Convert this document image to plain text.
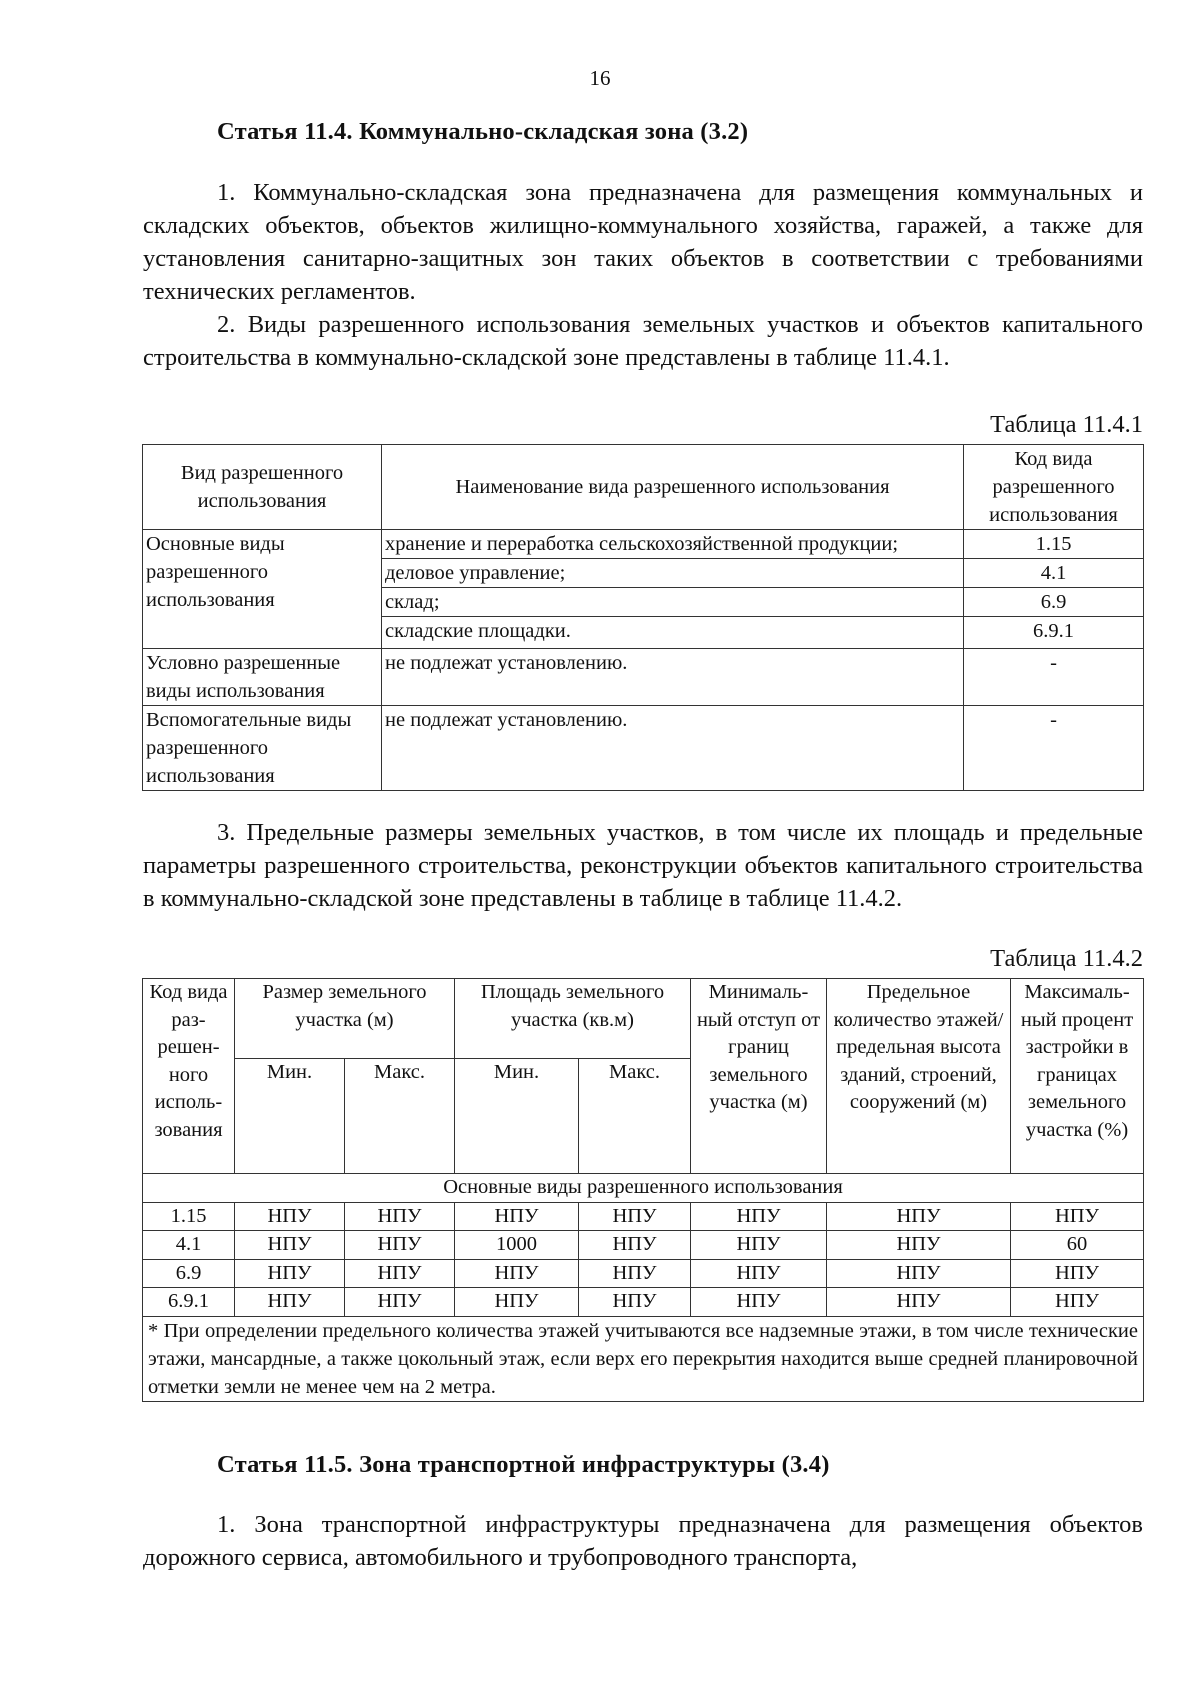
16
Статья 11.4. Коммунально-складская зона (3.2)
1. Коммунально-складская зона предназначена для размещения коммунальных и складских объектов, объектов жилищно-коммунального хозяйства, гаражей, а также для установления санитарно-защитных зон таких объектов в соответствии с требованиями технических регламентов.
2. Виды разрешенного использования земельных участков и объектов капитального строительства в коммунально-складской зоне представлены в таблице 11.4.1.
Таблица 11.4.1
Вид разрешенного использования	Наименование вида разрешенного использования	Код вида разрешенного использования
Основные виды разрешенного использования	хранение и переработка сельскохозяйственной продукции;	1.15
	деловое управление;	4.1
	склад;	6.9
	складские площадки.	6.9.1
Условно разрешенные виды использования	не подлежат установлению.	-
Вспомогательные виды разрешенного использования	не подлежат установлению.	-
3. Предельные размеры земельных участков, в том числе их площадь и предельные параметры разрешенного строительства, реконструкции объектов капитального строительства в коммунально-складской зоне представлены в таблице в таблице 11.4.2.
Таблица 11.4.2
Код вида раз-решен-ного исполь-зования	Размер земельного участка (м)		Площадь земельного участка (кв.м)		Минималь-ный отступ от границ земельного участка (м)	Предельное количество этажей/ предельная высота зданий, строений, сооружений (м)	Максималь-ный процент застройки в границах земельного участка (%)
	Мин.	Макс.	Мин.	Макс.			
Основные виды разрешенного использования							
1.15	НПУ	НПУ	НПУ	НПУ	НПУ	НПУ	НПУ
4.1	НПУ	НПУ	1000	НПУ	НПУ	НПУ	60
6.9	НПУ	НПУ	НПУ	НПУ	НПУ	НПУ	НПУ
6.9.1	НПУ	НПУ	НПУ	НПУ	НПУ	НПУ	НПУ
* При определении предельного количества этажей учитываются все надземные этажи, в том числе технические этажи, мансардные, а также цокольный этаж, если верх его перекрытия находится выше средней планировочной отметки земли не менее чем на 2 метра.							
Статья 11.5. Зона транспортной инфраструктуры (3.4)
1. Зона транспортной инфраструктуры предназначена для размещения объектов дорожного сервиса, автомобильного и трубопроводного транспорта,
